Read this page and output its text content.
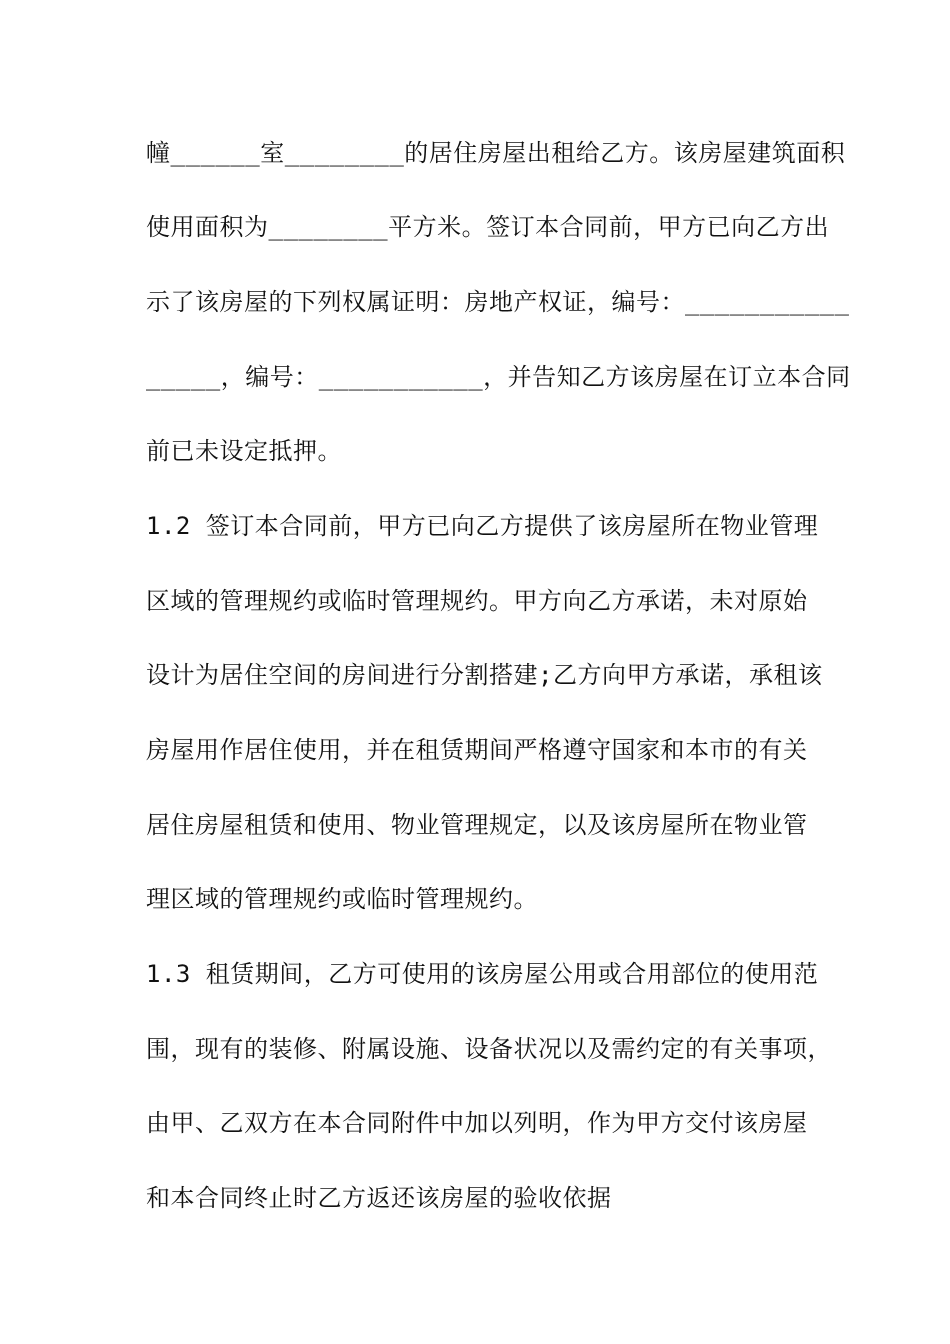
幢______室________的居住房屋出租给乙方。该房屋建筑面积
使用面积为________平方米。签订本合同前，甲方已向乙方出
示了该房屋的下列权属证明：房地产权证，编号：___________
_____，编号：___________，并告知乙方该房屋在订立本合同
前已未设定抵押。
1.2 签订本合同前，甲方已向乙方提供了该房屋所在物业管理
区域的管理规约或临时管理规约。甲方向乙方承诺，未对原始
设计为居住空间的房间进行分割搭建;乙方向甲方承诺，承租该
房屋用作居住使用，并在租赁期间严格遵守国家和本市的有关
居住房屋租赁和使用、物业管理规定，以及该房屋所在物业管
理区域的管理规约或临时管理规约。
1.3 租赁期间，乙方可使用的该房屋公用或合用部位的使用范
围，现有的装修、附属设施、设备状况以及需约定的有关事项，
由甲、乙双方在本合同附件中加以列明，作为甲方交付该房屋
和本合同终止时乙方返还该房屋的验收依据
